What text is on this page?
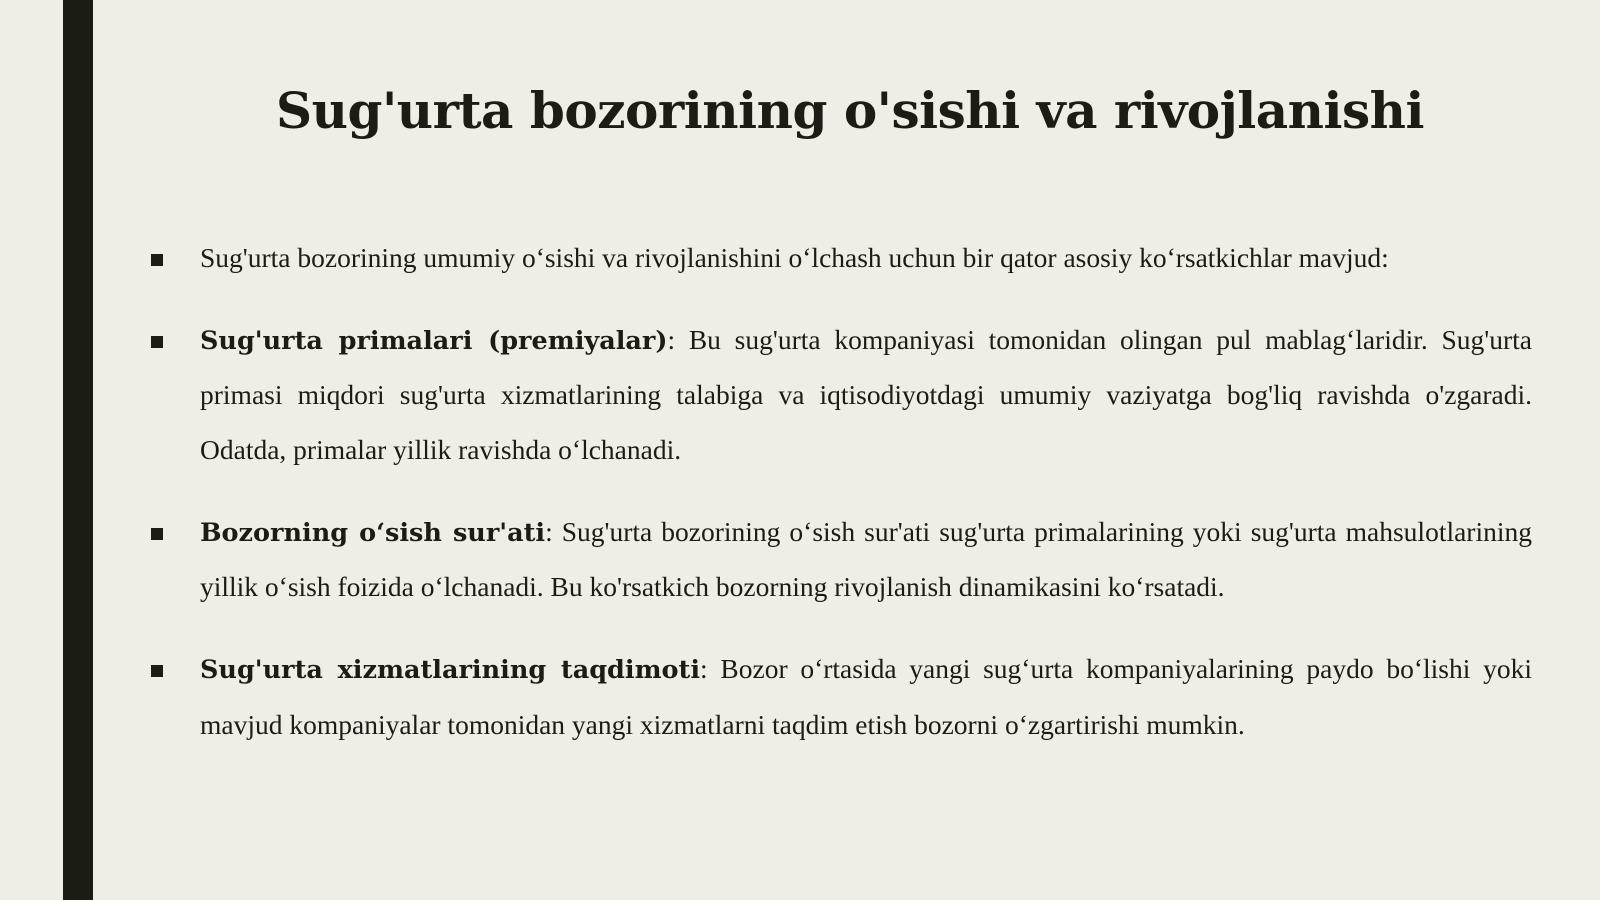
Sug'urta bozorining o'sishi va rivojlanishi

Sug'urta bozorining umumiy oʻsishi va rivojlanishini oʻlchash uchun bir qator asosiy koʻrsatkichlar mavjud:

Sug'urta primalari (premiyalar): Bu sug'urta kompaniyasi tomonidan olingan pul mablagʻlaridir. Sug'urta primasi miqdori sug'urta xizmatlarining talabiga va iqtisodiyotdagi umumiy vaziyatga bog'liq ravishda o'zgaradi. Odatda, primalar yillik ravishda oʻlchanadi.

Bozorning oʻsish sur'ati: Sug'urta bozorining oʻsish sur'ati sug'urta primalarining yoki sug'urta mahsulotlarining yillik oʻsish foizida oʻlchanadi. Bu ko'rsatkich bozorning rivojlanish dinamikasini koʻrsatadi.

Sug'urta xizmatlarining taqdimoti: Bozor oʻrtasida yangi sugʻurta kompaniyalarining paydo boʻlishi yoki mavjud kompaniyalar tomonidan yangi xizmatlarni taqdim etish bozorni oʻzgartirishi mumkin.
